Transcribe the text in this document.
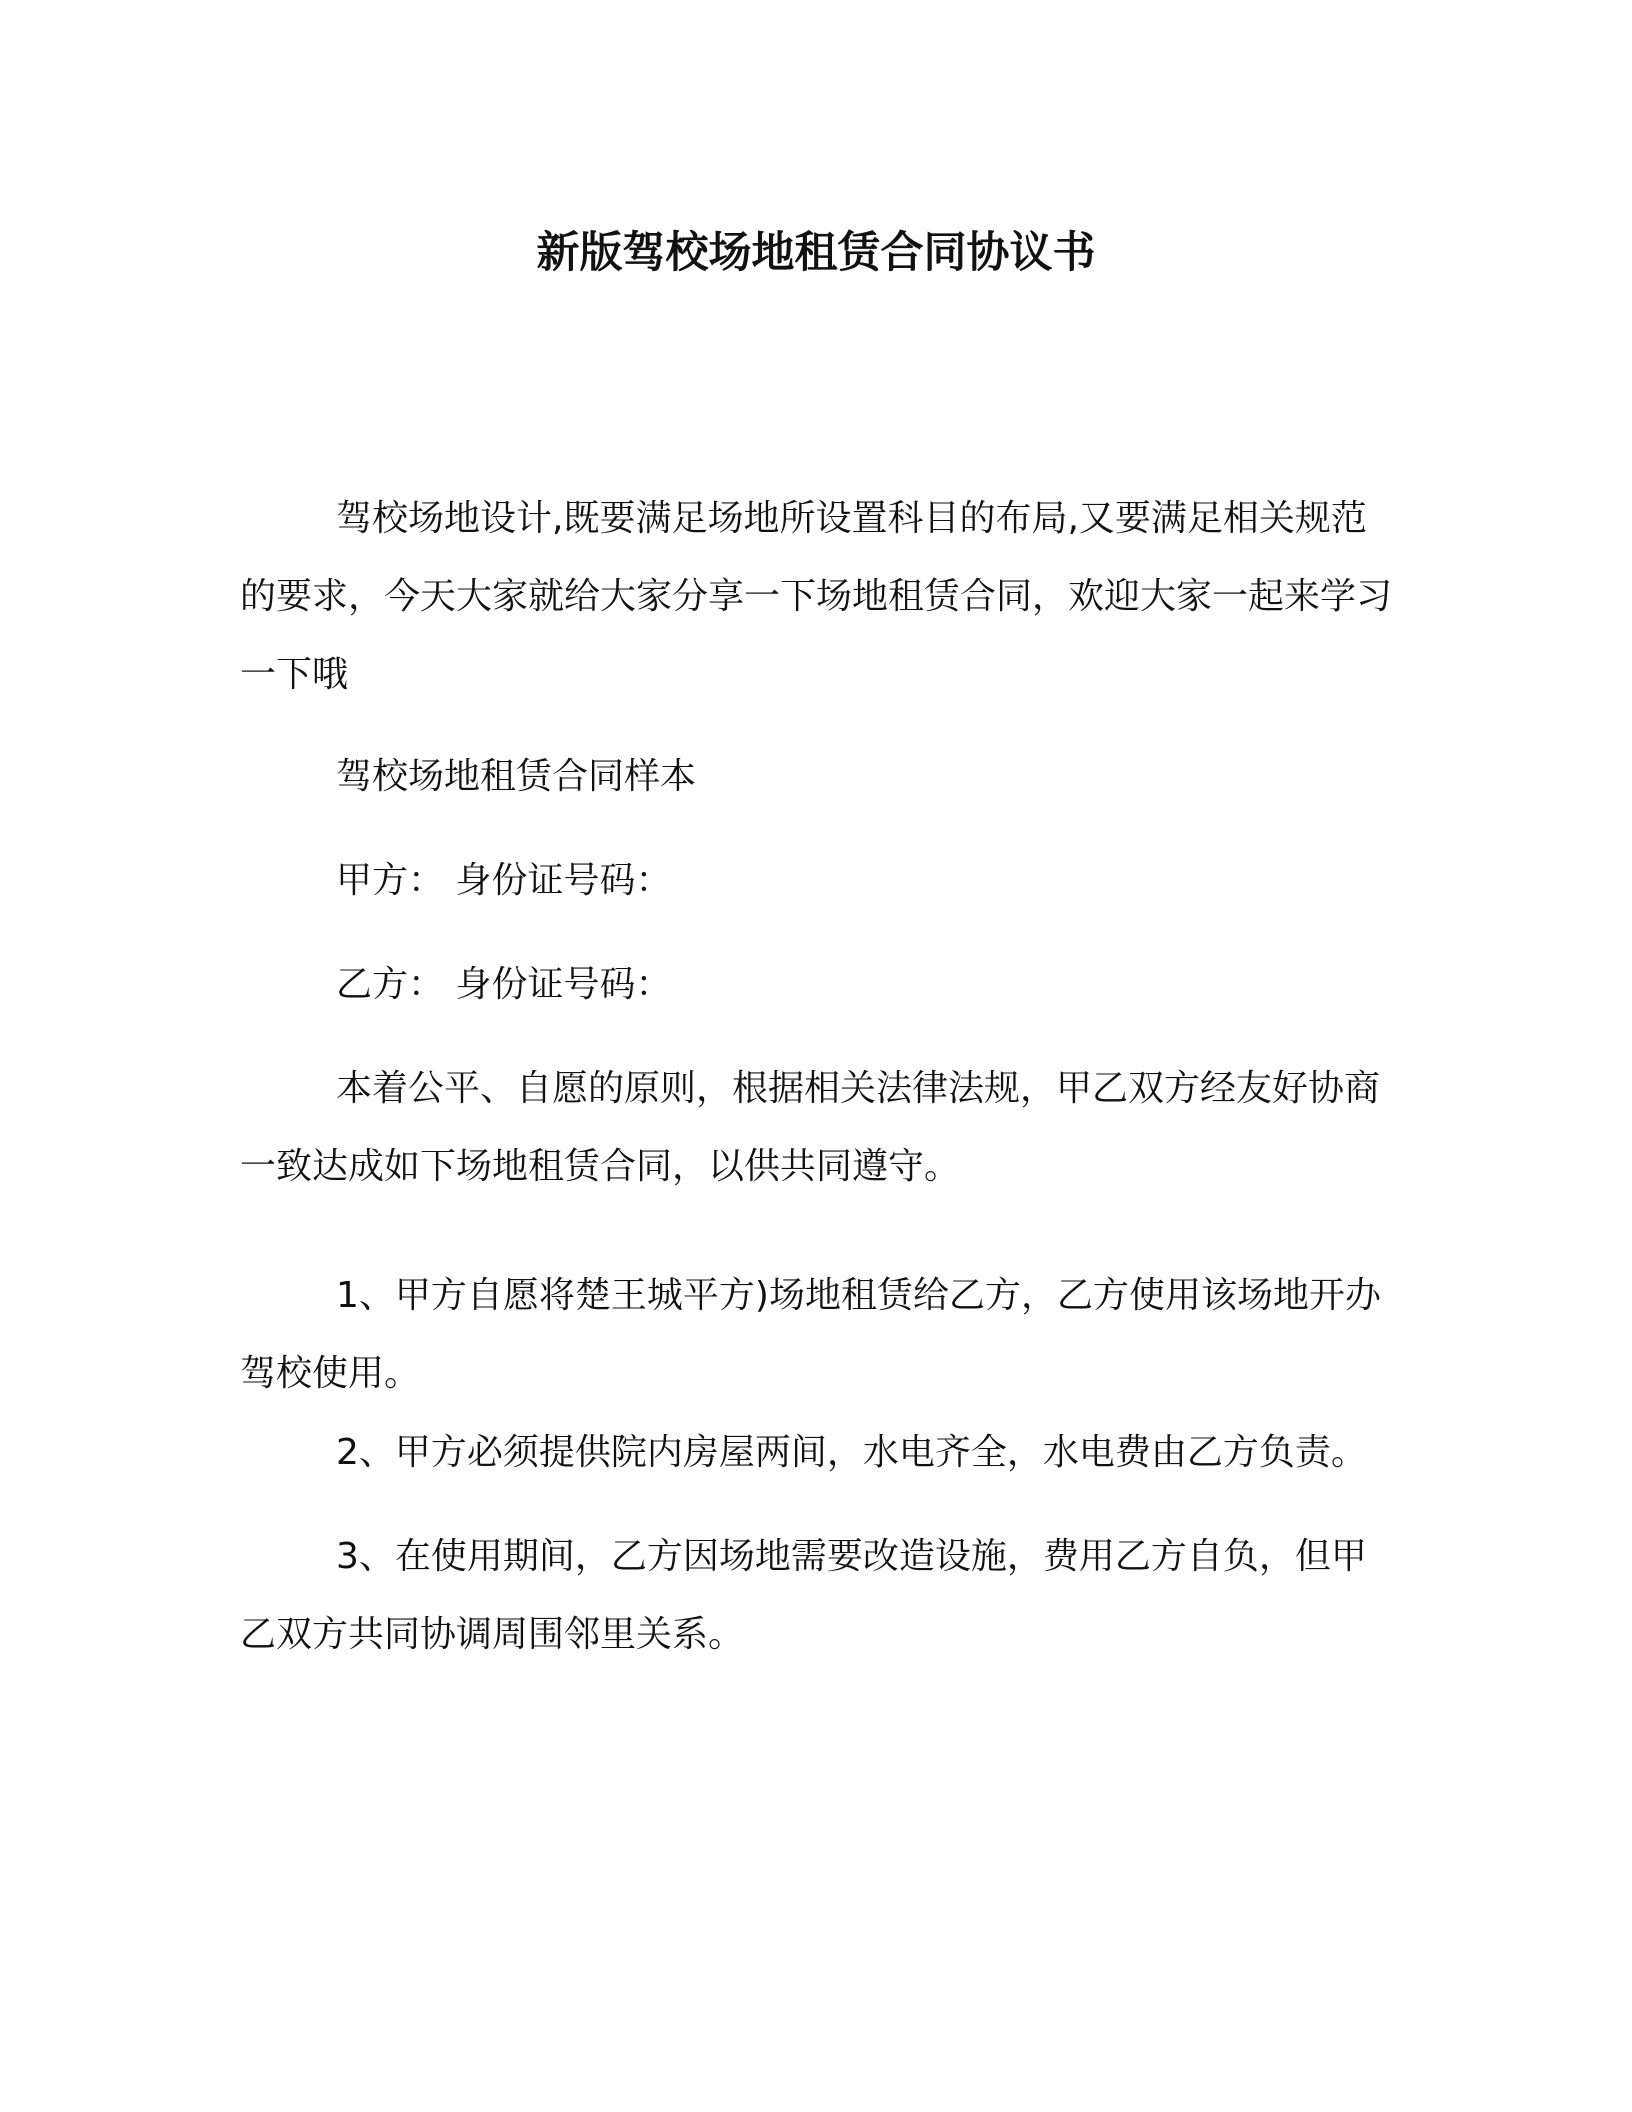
新版驾校场地租赁合同协议书

驾校场地设计,既要满足场地所设置科目的布局,又要满足相关规范的要求，今天大家就给大家分享一下场地租赁合同，欢迎大家一起来学习一下哦

驾校场地租赁合同样本

甲方： 身份证号码：

乙方： 身份证号码：

本着公平、自愿的原则，根据相关法律法规，甲乙双方经友好协商一致达成如下场地租赁合同，以供共同遵守。

1、甲方自愿将楚王城平方)场地租赁给乙方，乙方使用该场地开办驾校使用。

2、甲方必须提供院内房屋两间，水电齐全，水电费由乙方负责。

3、在使用期间，乙方因场地需要改造设施，费用乙方自负，但甲乙双方共同协调周围邻里关系。
